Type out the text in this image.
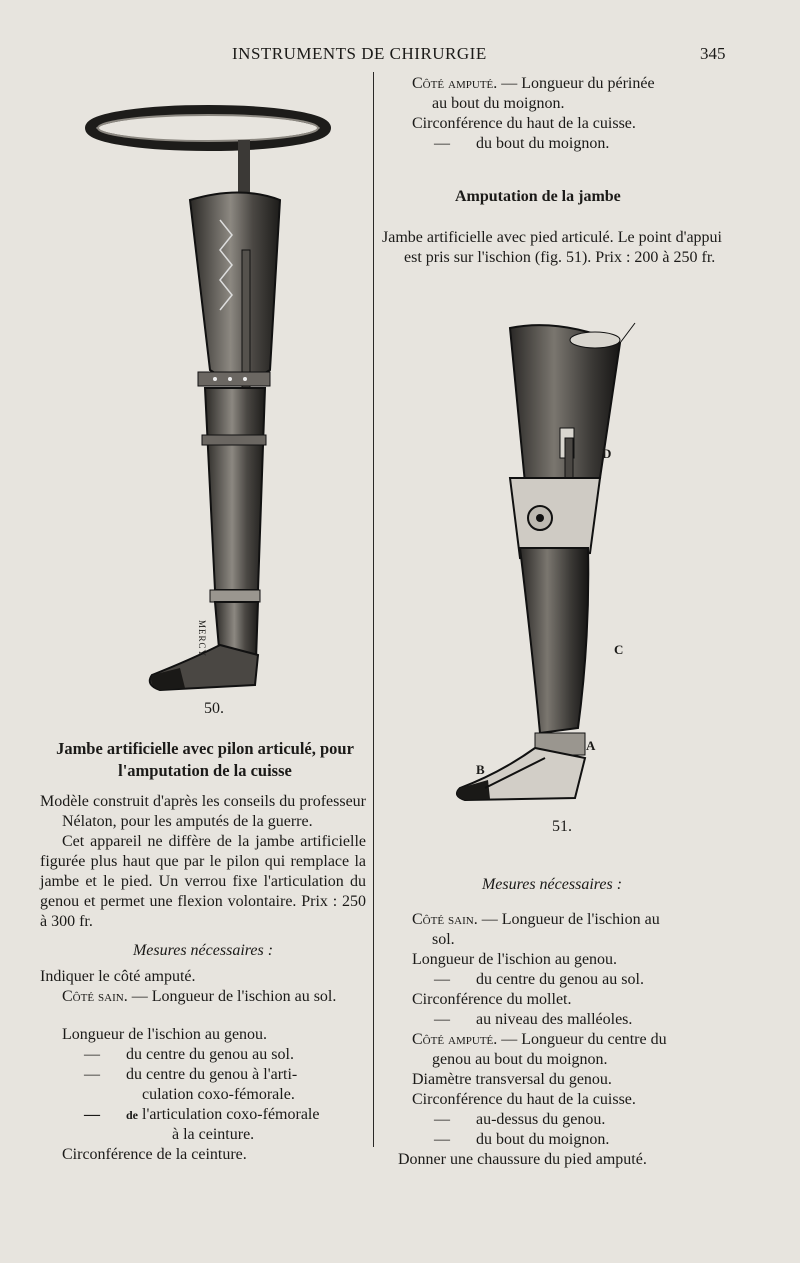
INSTRUMENTS DE CHIRURGIE	345
MERCY
50.
Jambe artificielle avec pilon articulé, pour
l'amputation de la cuisse

Modèle construit d'après les conseils du professeur Nélaton, pour les amputés de la guerre.

Cet appareil ne diffère de la jambe artificielle figurée plus haut que par le pilon qui remplace la jambe et le pied. Un verrou fixe l'articulation du genou et permet une flexion volontaire. Prix : 250 à 300 fr.

Mesures nécessaires :
Indiquer le côté amputé.
Côté sain. — Longueur de l'ischion au sol.
Longueur de l'ischion au genou.
— du centre du genou au sol.
— du centre du genou à l'arti-
culation coxo-fémorale.
— de l'articulation coxo-fémorale
à la ceinture.
Circonférence de la ceinture.
Côté amputé. — Longueur du périnée
au bout du moignon.
Circonférence du haut de la cuisse.
— du bout du moignon.
Amputation de la jambe

Jambe artificielle avec pied articulé. Le point d'appui est pris sur l'ischion (fig. 51). Prix : 200 à 250 fr.

D
C
A
B
51.
Mesures nécessaires :
Côté sain. — Longueur de l'ischion au
sol.
Longueur de l'ischion au genou.
— du centre du genou au sol.
Circonférence du mollet.
— au niveau des malléoles.
Côté amputé. — Longueur du centre du
genou au bout du moignon.
Diamètre transversal du genou.
Circonférence du haut de la cuisse.
— au-dessus du genou.
— du bout du moignon.
Donner une chaussure du pied amputé.
